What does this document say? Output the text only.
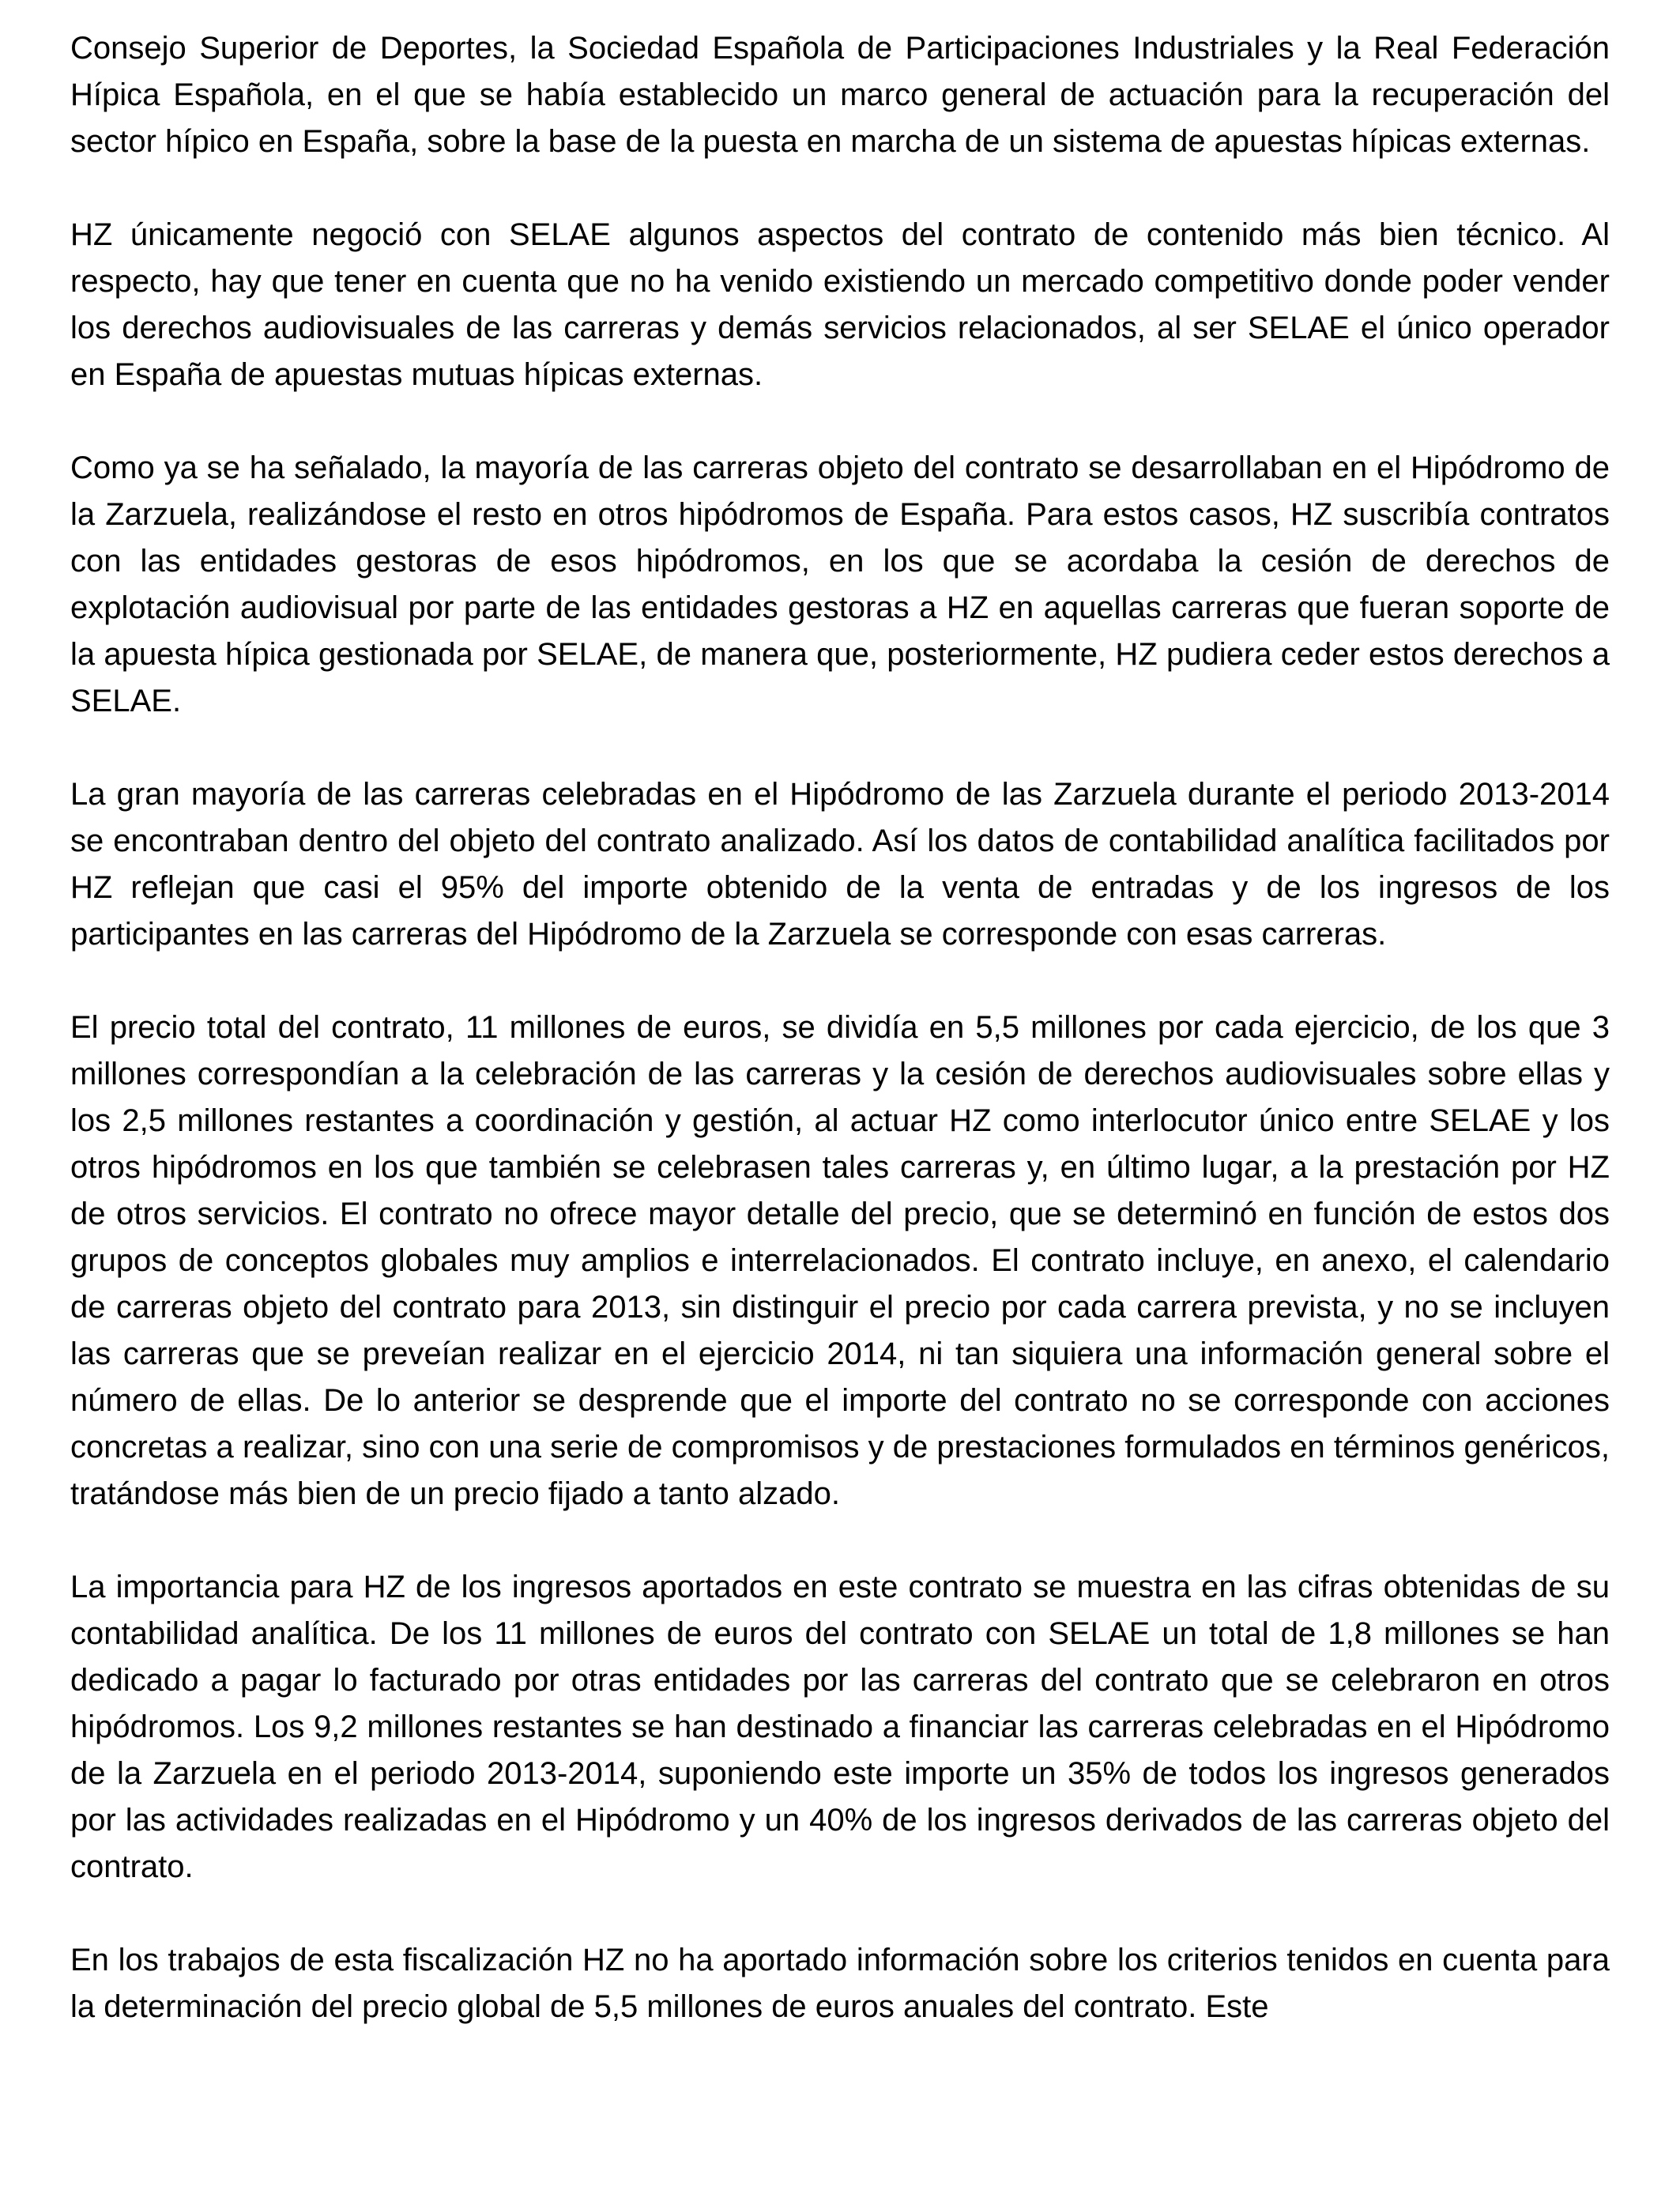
Consejo Superior de Deportes, la Sociedad Española de Participaciones Industriales y la Real Federación Hípica Española, en el que se había establecido un marco general de actuación para la recuperación del sector hípico en España, sobre la base de la puesta en marcha de un sistema de apuestas hípicas externas.

HZ únicamente negoció con SELAE algunos aspectos del contrato de contenido más bien técnico. Al respecto, hay que tener en cuenta que no ha venido existiendo un mercado competitivo donde poder vender los derechos audiovisuales de las carreras y demás servicios relacionados, al ser SELAE el único operador en España de apuestas mutuas hípicas externas.

Como ya se ha señalado, la mayoría de las carreras objeto del contrato se desarrollaban en el Hipódromo de la Zarzuela, realizándose el resto en otros hipódromos de España. Para estos casos, HZ suscribía contratos con las entidades gestoras de esos hipódromos, en los que se acordaba la cesión de derechos de explotación audiovisual por parte de las entidades gestoras a HZ en aquellas carreras que fueran soporte de la apuesta hípica gestionada por SELAE, de manera que, posteriormente, HZ pudiera ceder estos derechos a SELAE.

La gran mayoría de las carreras celebradas en el Hipódromo de las Zarzuela durante el periodo 2013-2014 se encontraban dentro del objeto del contrato analizado. Así los datos de contabilidad analítica facilitados por HZ reflejan que casi el 95% del importe obtenido de la venta de entradas y de los ingresos de los participantes en las carreras del Hipódromo de la Zarzuela se corresponde con esas carreras.

El precio total del contrato, 11 millones de euros, se dividía en 5,5 millones por cada ejercicio, de los que 3 millones correspondían a la celebración de las carreras y la cesión de derechos audiovisuales sobre ellas y los 2,5 millones restantes a coordinación y gestión, al actuar HZ como interlocutor único entre SELAE y los otros hipódromos en los que también se celebrasen tales carreras y, en último lugar, a la prestación por HZ de otros servicios. El contrato no ofrece mayor detalle del precio, que se determinó en función de estos dos grupos de conceptos globales muy amplios e interrelacionados. El contrato incluye, en anexo, el calendario de carreras objeto del contrato para 2013, sin distinguir el precio por cada carrera prevista, y no se incluyen las carreras que se preveían realizar en el ejercicio 2014, ni tan siquiera una información general sobre el número de ellas. De lo anterior se desprende que el importe del contrato no se corresponde con acciones concretas a realizar, sino con una serie de compromisos y de prestaciones formulados en términos genéricos, tratándose más bien de un precio fijado a tanto alzado.

La importancia para HZ de los ingresos aportados en este contrato se muestra en las cifras obtenidas de su contabilidad analítica. De los 11 millones de euros del contrato con SELAE un total de 1,8 millones se han dedicado a pagar lo facturado por otras entidades por las carreras del contrato que se celebraron en otros hipódromos. Los 9,2 millones restantes se han destinado a financiar las carreras celebradas en el Hipódromo de la Zarzuela en el periodo 2013-2014, suponiendo este importe un 35% de todos los ingresos generados por las actividades realizadas en el Hipódromo y un 40% de los ingresos derivados de las carreras objeto del contrato.

En los trabajos de esta fiscalización HZ no ha aportado información sobre los criterios tenidos en cuenta para la determinación del precio global de 5,5 millones de euros anuales del contrato. Este
